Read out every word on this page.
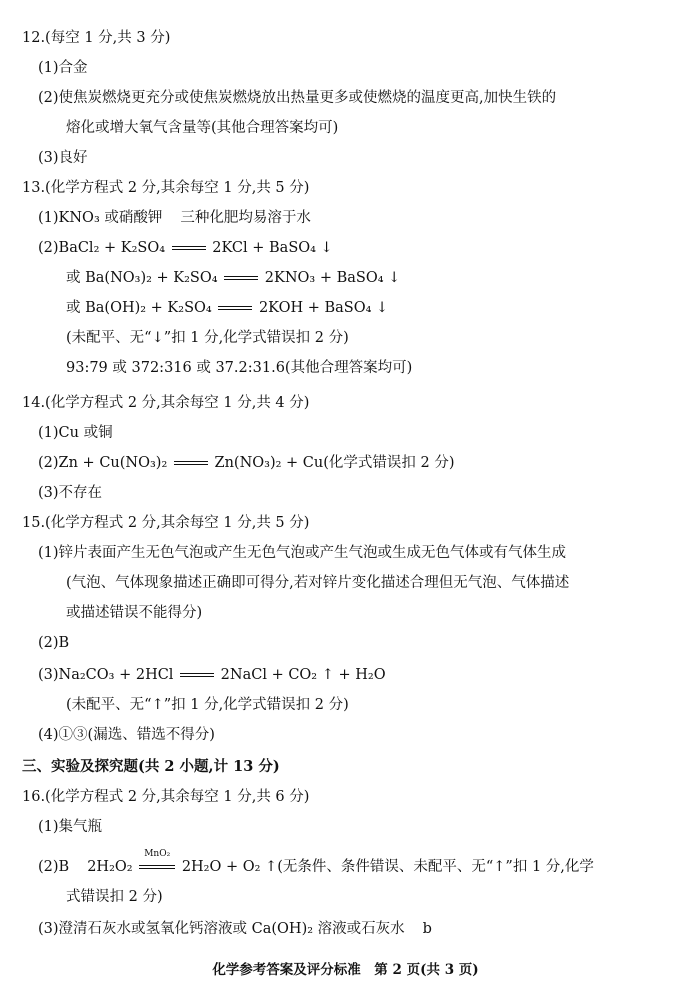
12.(每空 1 分,共 3 分)
(1)合金
(2)使焦炭燃烧更充分或使焦炭燃烧放出热量更多或使燃烧的温度更高,加快生铁的
熔化或增大氧气含量等(其他合理答案均可)
(3)良好
13.(化学方程式 2 分,其余每空 1 分,共 5 分)
(1)KNO₃ 或硝酸钾 三种化肥均易溶于水
(2)BaCl₂ + K₂SO₄	2KCl + BaSO₄ ↓
或 Ba(NO₃)₂ + K₂SO₄	2KNO₃ + BaSO₄ ↓
或 Ba(OH)₂ + K₂SO₄	2KOH + BaSO₄ ↓
(未配平、无“↓”扣 1 分,化学式错误扣 2 分)
93:79 或 372:316 或 37.2:31.6(其他合理答案均可)
14.(化学方程式 2 分,其余每空 1 分,共 4 分)
(1)Cu 或铜
(2)Zn + Cu(NO₃)₂	Zn(NO₃)₂ + Cu(化学式错误扣 2 分)
(3)不存在
15.(化学方程式 2 分,其余每空 1 分,共 5 分)
(1)锌片表面产生无色气泡或产生无色气泡或产生气泡或生成无色气体或有气体生成
(气泡、气体现象描述正确即可得分,若对锌片变化描述合理但无气泡、气体描述
或描述错误不能得分)
(2)B
(3)Na₂CO₃ + 2HCl	2NaCl + CO₂ ↑ + H₂O
(未配平、无“↑”扣 1 分,化学式错误扣 2 分)
(4)①③(漏选、错选不得分)
三、实验及探究题(共 2 小题,计 13 分)
16.(化学方程式 2 分,其余每空 1 分,共 6 分)
(1)集气瓶
(2)B 2H₂O₂
MnO₂
2H₂O + O₂ ↑(无条件、条件错误、未配平、无“↑”扣 1 分,化学
式错误扣 2 分)
(3)澄清石灰水或氢氧化钙溶液或 Ca(OH)₂ 溶液或石灰水 b
化学参考答案及评分标准　第 2 页(共 3 页)
